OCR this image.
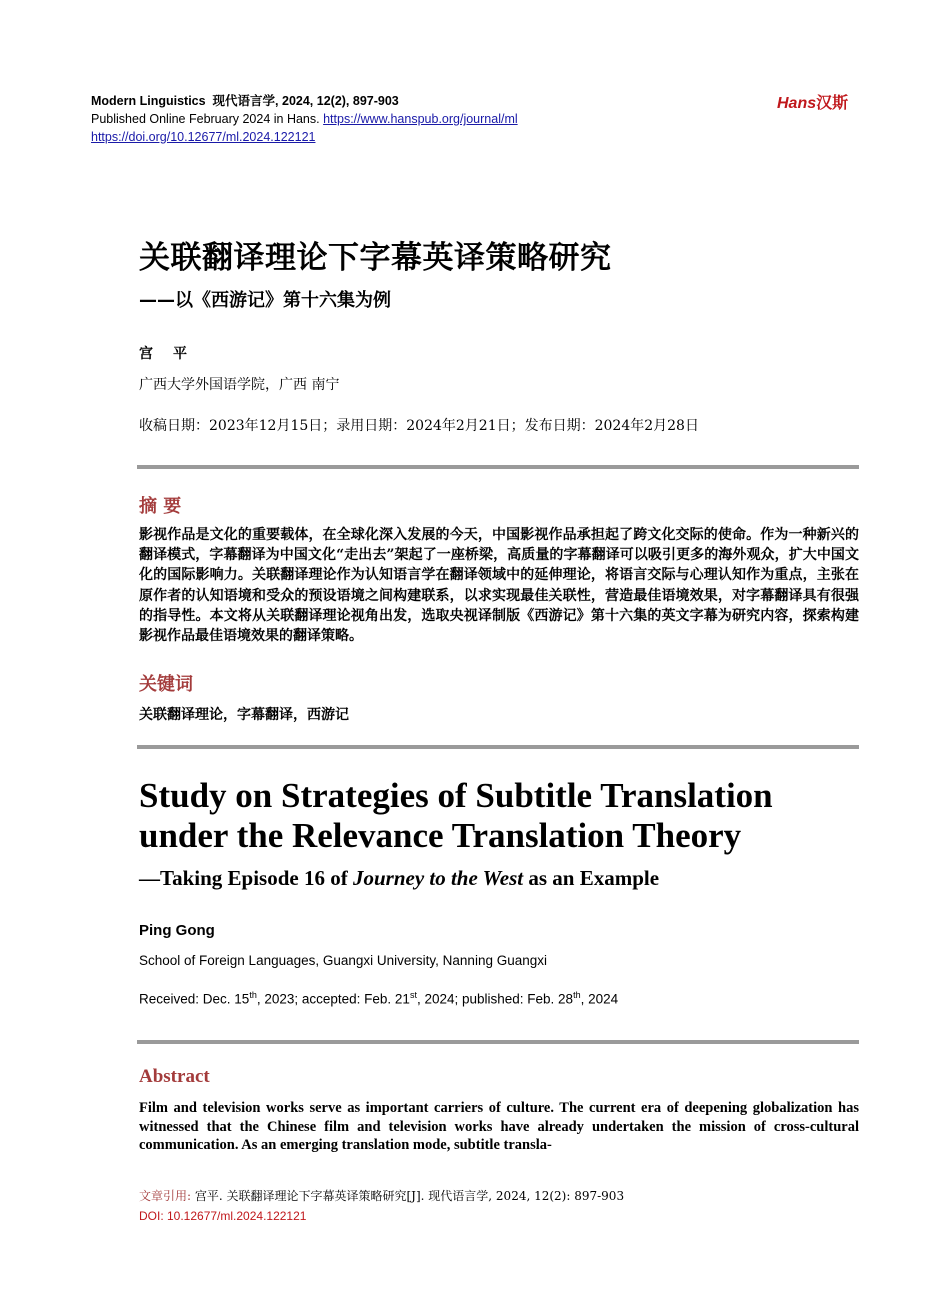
Modern Linguistics 现代语言学, 2024, 12(2), 897-903
Published Online February 2024 in Hans. https://www.hanspub.org/journal/ml
https://doi.org/10.12677/ml.2024.122121
Hans汉斯
关联翻译理论下字幕英译策略研究
——以《西游记》第十六集为例
宫平
广西大学外国语学院，广西 南宁
收稿日期：2023年12月15日；录用日期：2024年2月21日；发布日期：2024年2月28日
摘 要
影视作品是文化的重要载体，在全球化深入发展的今天，中国影视作品承担起了跨文化交际的使命。作为一种新兴的翻译模式，字幕翻译为中国文化“走出去”架起了一座桥梁，高质量的字幕翻译可以吸引更多的海外观众，扩大中国文化的国际影响力。关联翻译理论作为认知语言学在翻译领域中的延伸理论，将语言交际与心理认知作为重点，主张在原作者的认知语境和受众的预设语境之间构建联系，以求实现最佳关联性，营造最佳语境效果，对字幕翻译具有很强的指导性。本文将从关联翻译理论视角出发，选取央视译制版《西游记》第十六集的英文字幕为研究内容，探索构建影视作品最佳语境效果的翻译策略。
关键词
关联翻译理论，字幕翻译，西游记
Study on Strategies of Subtitle Translation under the Relevance Translation Theory
—Taking Episode 16 of Journey to the West as an Example
Ping Gong
School of Foreign Languages, Guangxi University, Nanning Guangxi
Received: Dec. 15th, 2023; accepted: Feb. 21st, 2024; published: Feb. 28th, 2024
Abstract
Film and television works serve as important carriers of culture. The current era of deepening globalization has witnessed that the Chinese film and television works have already undertaken the mission of cross-cultural communication. As an emerging translation mode, subtitle transla-
文章引用: 宫平. 关联翻译理论下字幕英译策略研究[J]. 现代语言学, 2024, 12(2): 897-903
DOI: 10.12677/ml.2024.122121
